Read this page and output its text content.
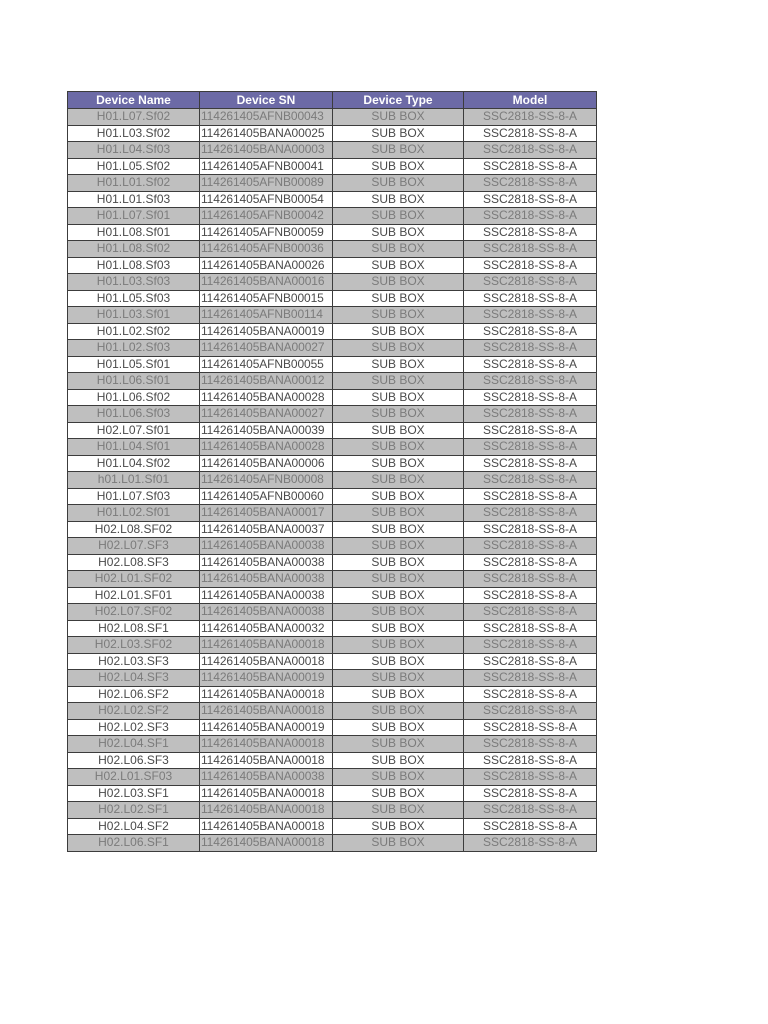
Device Name	Device SN	Device Type	Model
H01.L07.Sf02	114261405AFNB00043	SUB BOX	SSC2818-SS-8-A
H01.L03.Sf02	114261405BANA00025	SUB BOX	SSC2818-SS-8-A
H01.L04.Sf03	114261405BANA00003	SUB BOX	SSC2818-SS-8-A
H01.L05.Sf02	114261405AFNB00041	SUB BOX	SSC2818-SS-8-A
H01.L01.Sf02	114261405AFNB00089	SUB BOX	SSC2818-SS-8-A
H01.L01.Sf03	114261405AFNB00054	SUB BOX	SSC2818-SS-8-A
H01.L07.Sf01	114261405AFNB00042	SUB BOX	SSC2818-SS-8-A
H01.L08.Sf01	114261405AFNB00059	SUB BOX	SSC2818-SS-8-A
H01.L08.Sf02	114261405AFNB00036	SUB BOX	SSC2818-SS-8-A
H01.L08.Sf03	114261405BANA00026	SUB BOX	SSC2818-SS-8-A
H01.L03.Sf03	114261405BANA00016	SUB BOX	SSC2818-SS-8-A
H01.L05.Sf03	114261405AFNB00015	SUB BOX	SSC2818-SS-8-A
H01.L03.Sf01	114261405AFNB00114	SUB BOX	SSC2818-SS-8-A
H01.L02.Sf02	114261405BANA00019	SUB BOX	SSC2818-SS-8-A
H01.L02.Sf03	114261405BANA00027	SUB BOX	SSC2818-SS-8-A
H01.L05.Sf01	114261405AFNB00055	SUB BOX	SSC2818-SS-8-A
H01.L06.Sf01	114261405BANA00012	SUB BOX	SSC2818-SS-8-A
H01.L06.Sf02	114261405BANA00028	SUB BOX	SSC2818-SS-8-A
H01.L06.Sf03	114261405BANA00027	SUB BOX	SSC2818-SS-8-A
H02.L07.Sf01	114261405BANA00039	SUB BOX	SSC2818-SS-8-A
H01.L04.Sf01	114261405BANA00028	SUB BOX	SSC2818-SS-8-A
H01.L04.Sf02	114261405BANA00006	SUB BOX	SSC2818-SS-8-A
h01.L01.Sf01	114261405AFNB00008	SUB BOX	SSC2818-SS-8-A
H01.L07.Sf03	114261405AFNB00060	SUB BOX	SSC2818-SS-8-A
H01.L02.Sf01	114261405BANA00017	SUB BOX	SSC2818-SS-8-A
H02.L08.SF02	114261405BANA00037	SUB BOX	SSC2818-SS-8-A
H02.L07.SF3	114261405BANA00038	SUB BOX	SSC2818-SS-8-A
H02.L08.SF3	114261405BANA00038	SUB BOX	SSC2818-SS-8-A
H02.L01.SF02	114261405BANA00038	SUB BOX	SSC2818-SS-8-A
H02.L01.SF01	114261405BANA00038	SUB BOX	SSC2818-SS-8-A
H02.L07.SF02	114261405BANA00038	SUB BOX	SSC2818-SS-8-A
H02.L08.SF1	114261405BANA00032	SUB BOX	SSC2818-SS-8-A
H02.L03.SF02	114261405BANA00018	SUB BOX	SSC2818-SS-8-A
H02.L03.SF3	114261405BANA00018	SUB BOX	SSC2818-SS-8-A
H02.L04.SF3	114261405BANA00019	SUB BOX	SSC2818-SS-8-A
H02.L06.SF2	114261405BANA00018	SUB BOX	SSC2818-SS-8-A
H02.L02.SF2	114261405BANA00018	SUB BOX	SSC2818-SS-8-A
H02.L02.SF3	114261405BANA00019	SUB BOX	SSC2818-SS-8-A
H02.L04.SF1	114261405BANA00018	SUB BOX	SSC2818-SS-8-A
H02.L06.SF3	114261405BANA00018	SUB BOX	SSC2818-SS-8-A
H02.L01.SF03	114261405BANA00038	SUB BOX	SSC2818-SS-8-A
H02.L03.SF1	114261405BANA00018	SUB BOX	SSC2818-SS-8-A
H02.L02.SF1	114261405BANA00018	SUB BOX	SSC2818-SS-8-A
H02.L04.SF2	114261405BANA00018	SUB BOX	SSC2818-SS-8-A
H02.L06.SF1	114261405BANA00018	SUB BOX	SSC2818-SS-8-A
